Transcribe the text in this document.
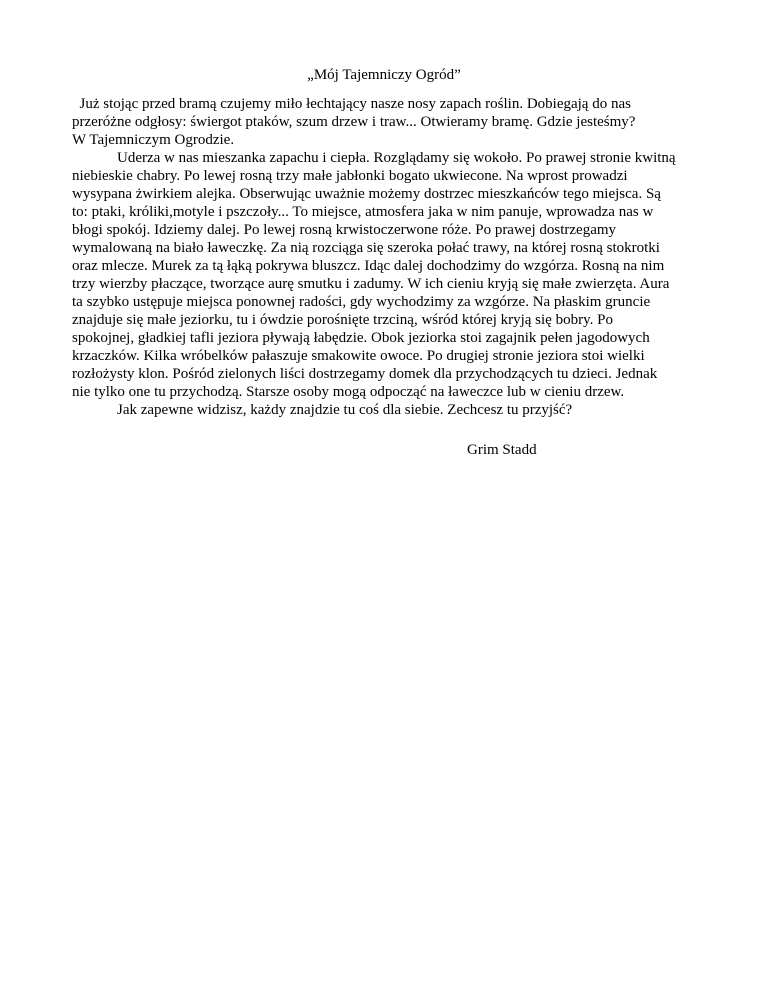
„Mój Tajemniczy Ogród”
Już stojąc przed bramą czujemy miło łechtający nasze nosy zapach roślin. Dobiegają do nas
przeróżne odgłosy: świergot ptaków, szum drzew i traw... Otwieramy bramę. Gdzie jesteśmy?
W Tajemniczym Ogrodzie.
Uderza w nas mieszanka zapachu i ciepła. Rozglądamy się wokoło. Po prawej stronie kwitną
niebieskie chabry. Po lewej rosną trzy małe jabłonki bogato ukwiecone. Na wprost prowadzi
wysypana żwirkiem alejka. Obserwując uważnie możemy dostrzec mieszkańców tego miejsca. Są
to: ptaki, króliki,motyle i pszczoły... To miejsce, atmosfera jaka w nim panuje, wprowadza nas w
błogi spokój. Idziemy dalej. Po lewej rosną krwistoczerwone róże. Po prawej dostrzegamy
wymalowaną na biało ławeczkę. Za nią rozciąga się szeroka połać trawy, na której rosną stokrotki
oraz mlecze. Murek za tą łąką pokrywa bluszcz. Idąc dalej dochodzimy do wzgórza. Rosną na nim
trzy wierzby płaczące, tworzące aurę smutku i zadumy. W ich cieniu kryją się małe zwierzęta. Aura
ta szybko ustępuje miejsca ponownej radości, gdy wychodzimy za wzgórze. Na płaskim gruncie
znajduje się małe jeziorku, tu i ówdzie porośnięte trzciną, wśród której kryją się bobry. Po
spokojnej, gładkiej tafli jeziora pływają łabędzie. Obok jeziorka stoi zagajnik pełen jagodowych
krzaczków. Kilka wróbelków pałaszuje smakowite owoce. Po drugiej stronie jeziora stoi wielki
rozłożysty klon. Pośród zielonych liści dostrzegamy domek dla przychodzących tu dzieci. Jednak
nie tylko one tu przychodzą. Starsze osoby mogą odpocząć na ławeczce lub w cieniu drzew.
Jak zapewne widzisz, każdy znajdzie tu coś dla siebie. Zechcesz tu przyjść?
Grim Stadd
